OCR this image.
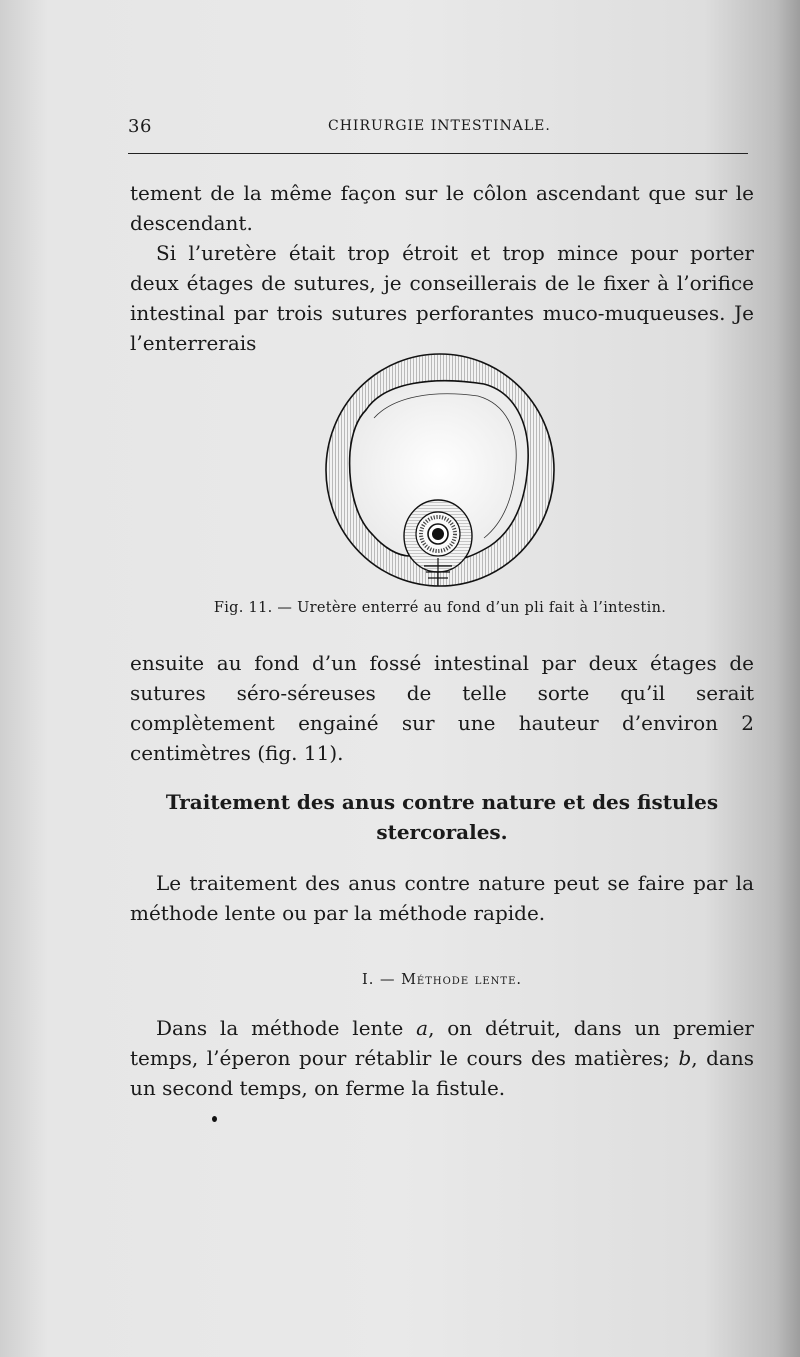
36	CHIRURGIE INTESTINALE.

tement de la même façon sur le côlon ascendant que sur le descendant.

Si l’uretère était trop étroit et trop mince pour porter deux étages de sutures, je conseillerais de le fixer à l’orifice intestinal par trois sutures perforantes muco-muqueuses. Je l’enterrerais

Fig. 11. — Uretère enterré au fond d’un pli fait à l’intestin.

ensuite au fond d’un fossé intestinal par deux étages de sutures séro-séreuses de telle sorte qu’il serait complètement engainé sur une hauteur d’environ 2 centimètres (fig. 11).

Traitement des anus contre nature et des fistules stercorales.

Le traitement des anus contre nature peut se faire par la méthode lente ou par la méthode rapide.

I. — Méthode lente.

Dans la méthode lente a, on détruit, dans un premier temps, l’éperon pour rétablir le cours des matières; b, dans un second temps, on ferme la fistule.
